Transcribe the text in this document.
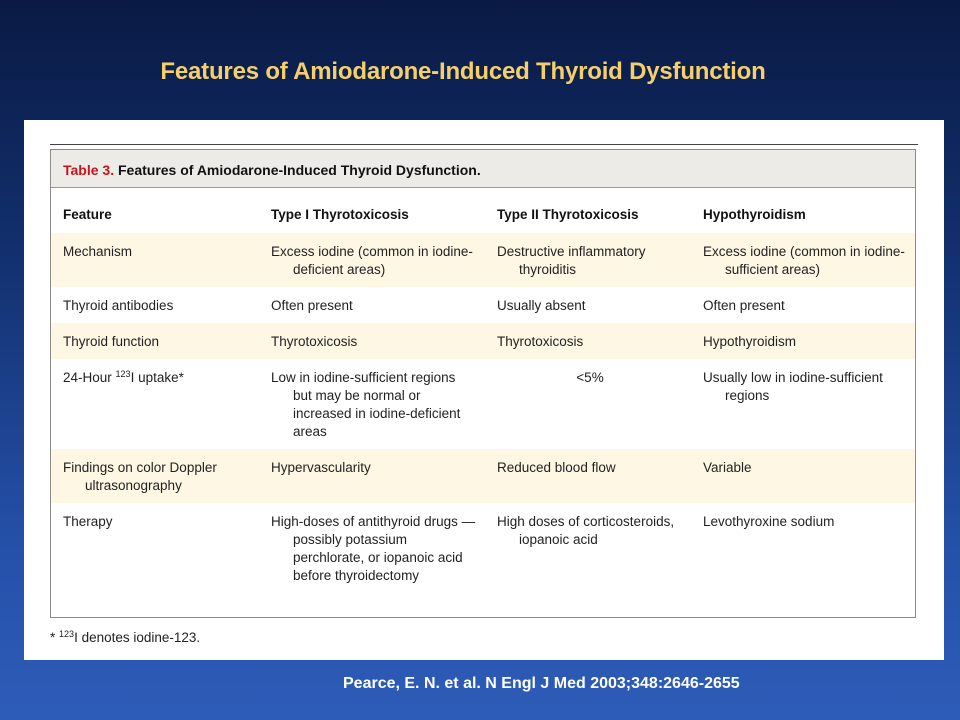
Features of Amiodarone-Induced Thyroid Dysfunction
Table 3. Features of Amiodarone-Induced Thyroid Dysfunction.
Feature	Type I Thyrotoxicosis	Type II Thyrotoxicosis	Hypothyroidism

Mechanism	Excess iodine (common in iodine-deficient areas)	Destructive inflammatory thyroiditis	Excess iodine (common in iodine-sufficient areas)

Thyroid antibodies	Often present	Usually absent	Often present

Thyroid function	Thyrotoxicosis	Thyrotoxicosis	Hypothyroidism

24-Hour $^{123}$I uptake*	Low in iodine-sufficient regions but may be normal or increased in iodine-deficient areas	<5%	Usually low in iodine-sufficient regions

Findings on color Doppler ultrasonography	Hypervascularity	Reduced blood flow	Variable

Therapy	High-doses of antithyroid drugs — possibly potassium perchlorate, or iopanoic acid before thyroidectomy	High doses of corticosteroids, iopanoic acid	Levothyroxine sodium
* $^{123}$I denotes iodine-123.
Pearce, E. N. et al. N Engl J Med 2003;348:2646-2655
